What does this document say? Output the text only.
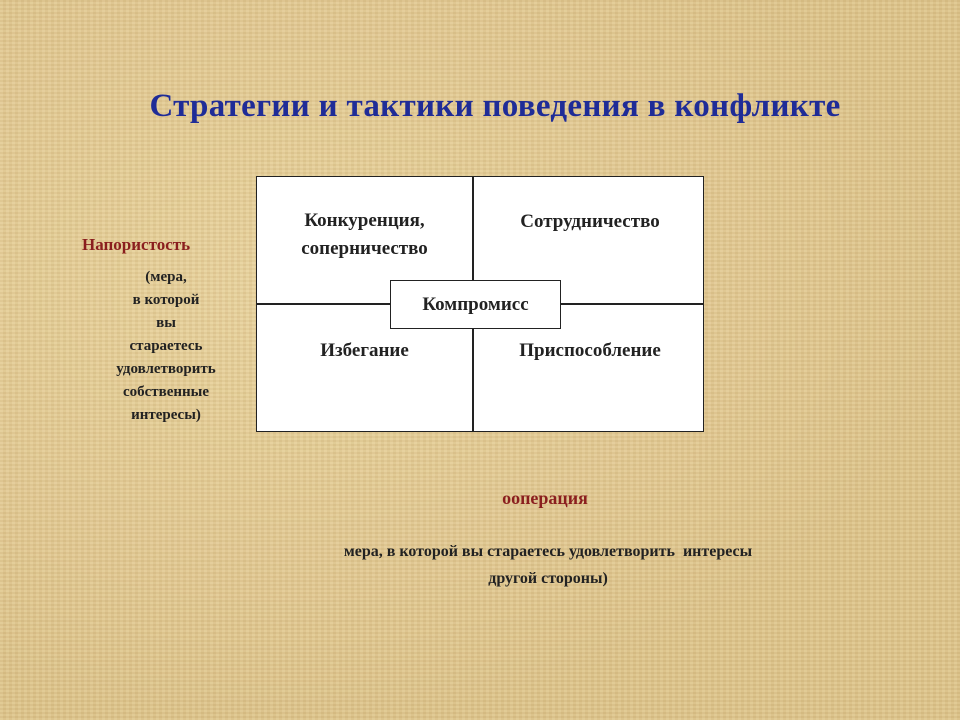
Стратегии и тактики поведения в конфликте
Напористость
(мера,
в которой
вы
стараетесь
удовлетворить
собственные
интересы)
Конкуренция,
соперничество
Сотрудничество
Избегание	Приспособление
Компромисс
ооперация
мера, в которой вы стараетесь удовлетворить  интересы
другой стороны)
